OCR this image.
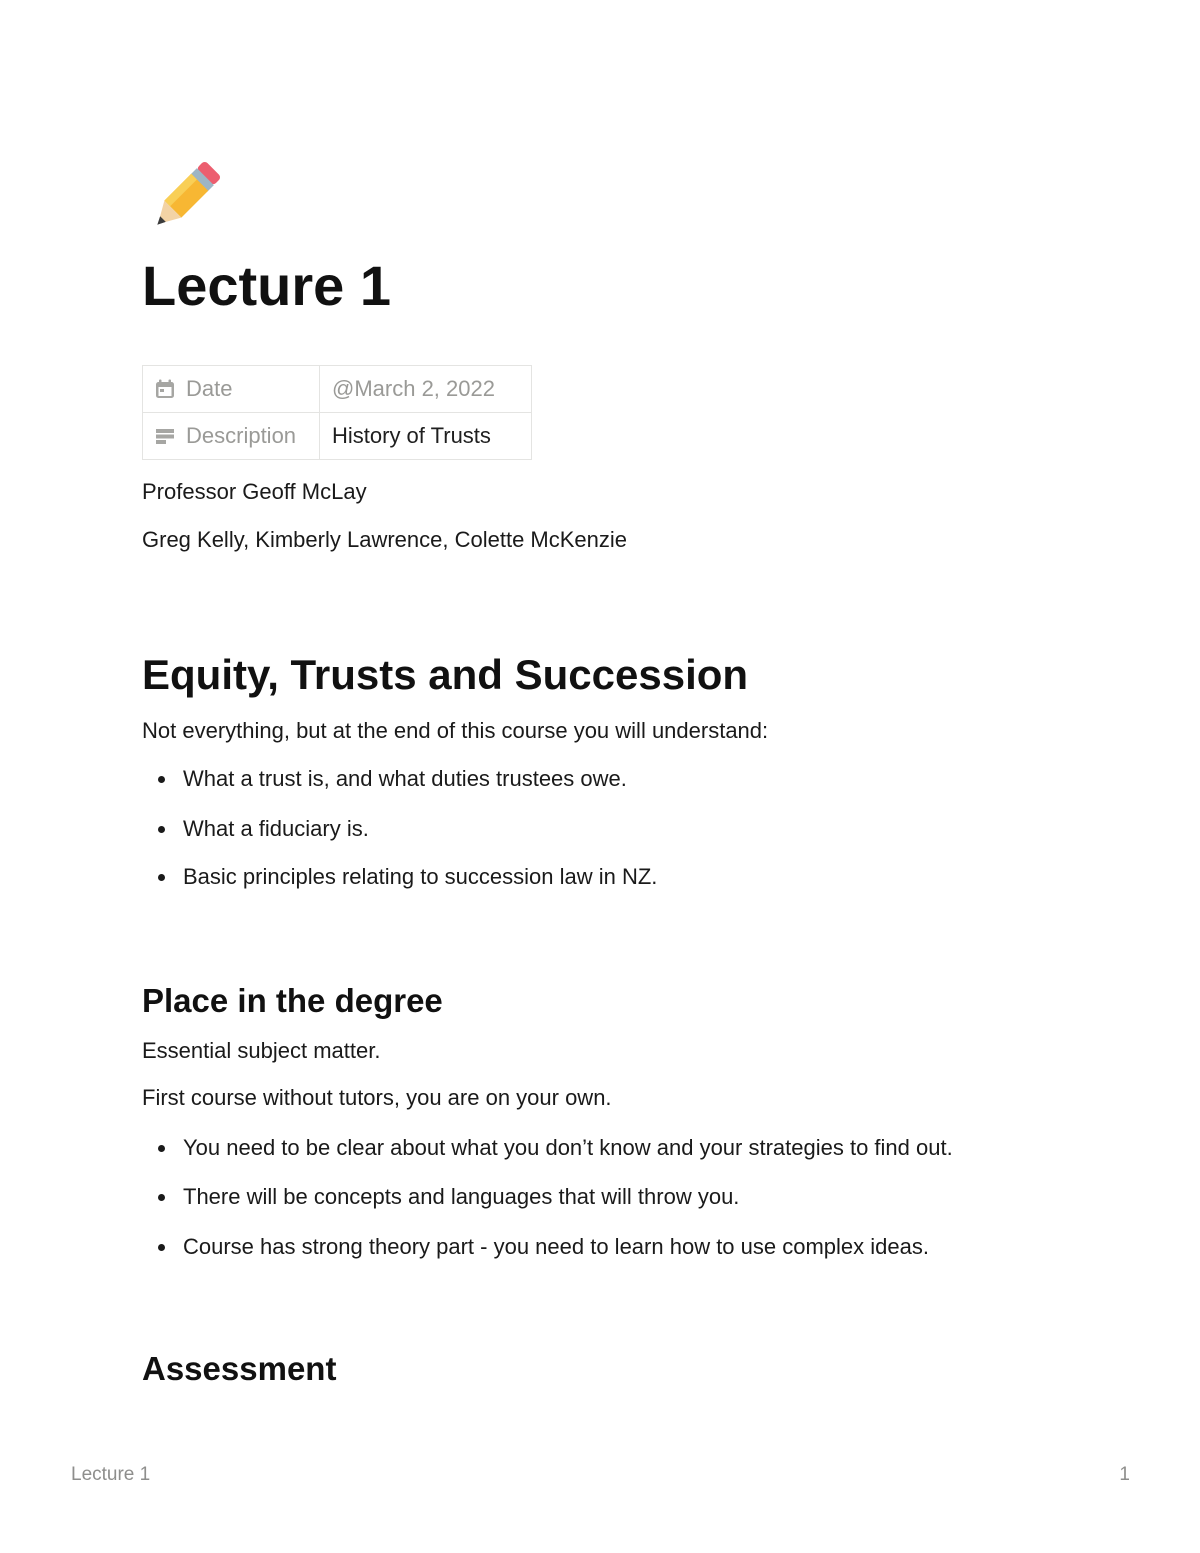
Lecture 1
Date	@March 2, 2022

Description	History of Trusts

Professor Geoff McLay

Greg Kelly, Kimberly Lawrence, Colette McKenzie

Equity, Trusts and Succession

Not everything, but at the end of this course you will understand:

What a trust is, and what duties trustees owe.
What a fiduciary is.
Basic principles relating to succession law in NZ.
Place in the degree

Essential subject matter.

First course without tutors, you are on your own.

You need to be clear about what you don’t know and your strategies to find out.
There will be concepts and languages that will throw you.
Course has strong theory part - you need to learn how to use complex ideas.
Assessment
Lecture 1	1
